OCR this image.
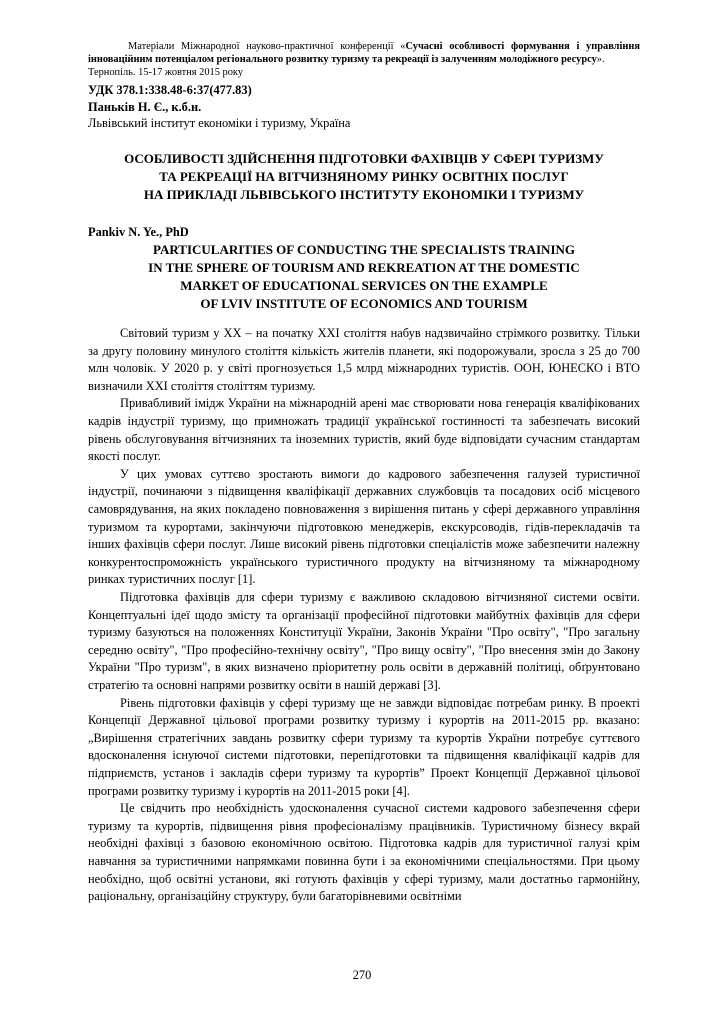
Матеріали Міжнародної науково-практичної конференції «Сучасні особливості формування і управління інноваційним потенціалом регіонального розвитку туризму та рекреації із залученням молодіжного ресурсу».
Тернопіль. 15-17 жовтня 2015 року
УДК 378.1:338.48-6:37(477.83)
Паньків Н. Є., к.б.н.
Львівський інститут економіки і туризму, Україна
ОСОБЛИВОСТІ ЗДІЙСНЕННЯ ПІДГОТОВКИ ФАХІВЦІВ У СФЕРІ ТУРИЗМУ
ТА РЕКРЕАЦІЇ НА ВІТЧИЗНЯНОМУ РИНКУ ОСВІТНІХ ПОСЛУГ
НА ПРИКЛАДІ ЛЬВІВСЬКОГО ІНСТИТУТУ ЕКОНОМІКИ І ТУРИЗМУ
Pankiv N. Ye., PhD
PARTICULARITIES OF CONDUCTING THE SPECIALISTS TRAINING
IN THE SPHERE OF TOURISM AND REKREATION AT THE DOMESTIC
MARKET OF EDUCATIONAL SERVICES ON THE EXAMPLE
OF LVIV INSTITUTE OF ECONOMICS AND TOURISM

Світовий туризм у ХХ – на початку ХХІ століття набув надзвичайно стрімкого розвитку. Тільки за другу половину минулого століття кількість жителів планети, які подорожували, зросла з 25 до 700 млн чоловік. У 2020 р. у світі прогнозується 1,5 млрд міжнародних туристів. ООН, ЮНЕСКО і ВТО визначили ХХІ століття століттям туризму.

Привабливий імідж України на міжнародній арені має створювати нова генерація кваліфікованих кадрів індустрії туризму, що примножать традиції української гостинності та забезпечать високий рівень обслуговування вітчизняних та іноземних туристів, який буде відповідати сучасним стандартам якості послуг.

У цих умовах суттєво зростають вимоги до кадрового забезпечення галузей туристичної індустрії, починаючи з підвищення кваліфікації державних службовців та посадових осіб місцевого самоврядування, на яких покладено повноваження з вирішення питань у сфері державного управління туризмом та курортами, закінчуючи підготовкою менеджерів, екскурсоводів, гідів-перекладачів та інших фахівців сфери послуг. Лише високий рівень підготовки спеціалістів може забезпечити належну конкурентоспроможність українського туристичного продукту на вітчизняному та міжнародному ринках туристичних послуг [1].

Підготовка фахівців для сфери туризму є важливою складовою вітчизняної системи освіти. Концептуальні ідеї щодо змісту та організації професійної підготовки майбутніх фахівців для сфери туризму базуються на положеннях Конституції України, Законів України "Про освіту", "Про загальну середню освіту", "Про професійно-технічну освіту", "Про вищу освіту", "Про внесення змін до Закону України "Про туризм", в яких визначено пріоритетну роль освіти в державній політиці, обґрунтовано стратегію та основні напрями розвитку освіти в нашій державі [3].

Рівень підготовки фахівців у сфері туризму ще не завжди відповідає потребам ринку. В проекті Концепції Державної цільової програми розвитку туризму і курортів на 2011-2015 рр. вказано: „Вирішення стратегічних завдань розвитку сфери туризму та курортів України потребує суттєвого вдосконалення існуючої системи підготовки, перепідготовки та підвищення кваліфікації кадрів для підприємств, установ і закладів сфери туризму та курортів” Проект Концепції Державної цільової програми розвитку туризму і курортів на 2011-2015 роки [4].

Це свідчить про необхідність удосконалення сучасної системи кадрового забезпечення сфери туризму та курортів, підвищення рівня професіоналізму працівників. Туристичному бізнесу вкрай необхідні фахівці з базовою економічною освітою. Підготовка кадрів для туристичної галузі крім навчання за туристичними напрямками повинна бути і за економічними спеціальностями. При цьому необхідно, щоб освітні установи, які готують фахівців у сфері туризму, мали достатньо гармонійну, раціональну, організаційну структуру, були багаторівневими освітніми

270
